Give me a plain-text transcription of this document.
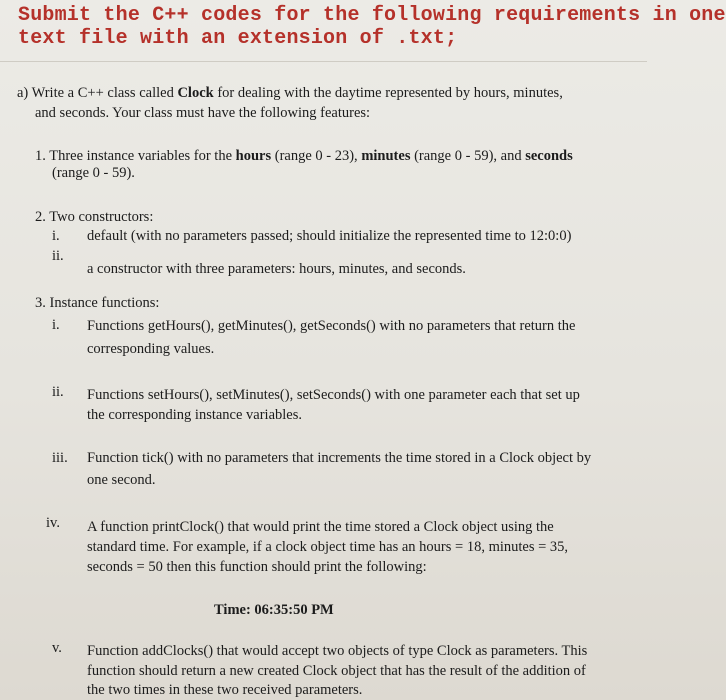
Submit the C++ codes for the following requirements in one
text file with an extension of .txt;
a) Write a C++ class called Clock for dealing with the daytime represented by hours, minutes,
and seconds. Your class must have the following features:
1. Three instance variables for the hours (range 0 - 23), minutes (range 0 - 59), and seconds
(range 0 - 59).
2. Two constructors:
i. default (with no parameters passed; should initialize the represented time to 12:0:0)
ii.
a constructor with three parameters: hours, minutes, and seconds.
3. Instance functions:
i. Functions getHours(), getMinutes(), getSeconds() with no parameters that return the
corresponding values.
ii. Functions setHours(), setMinutes(), setSeconds() with one parameter each that set up
the corresponding instance variables.
iii. Function tick() with no parameters that increments the time stored in a Clock object by
one second.
iv. A function printClock() that would print the time stored a Clock object using the
standard time. For example, if a clock object time has an hours = 18, minutes = 35,
seconds = 50 then this function should print the following:
Time: 06:35:50 PM
v. Function addClocks() that would accept two objects of type Clock as parameters. This
function should return a new created Clock object that has the result of the addition of
the two times in these two received parameters.
